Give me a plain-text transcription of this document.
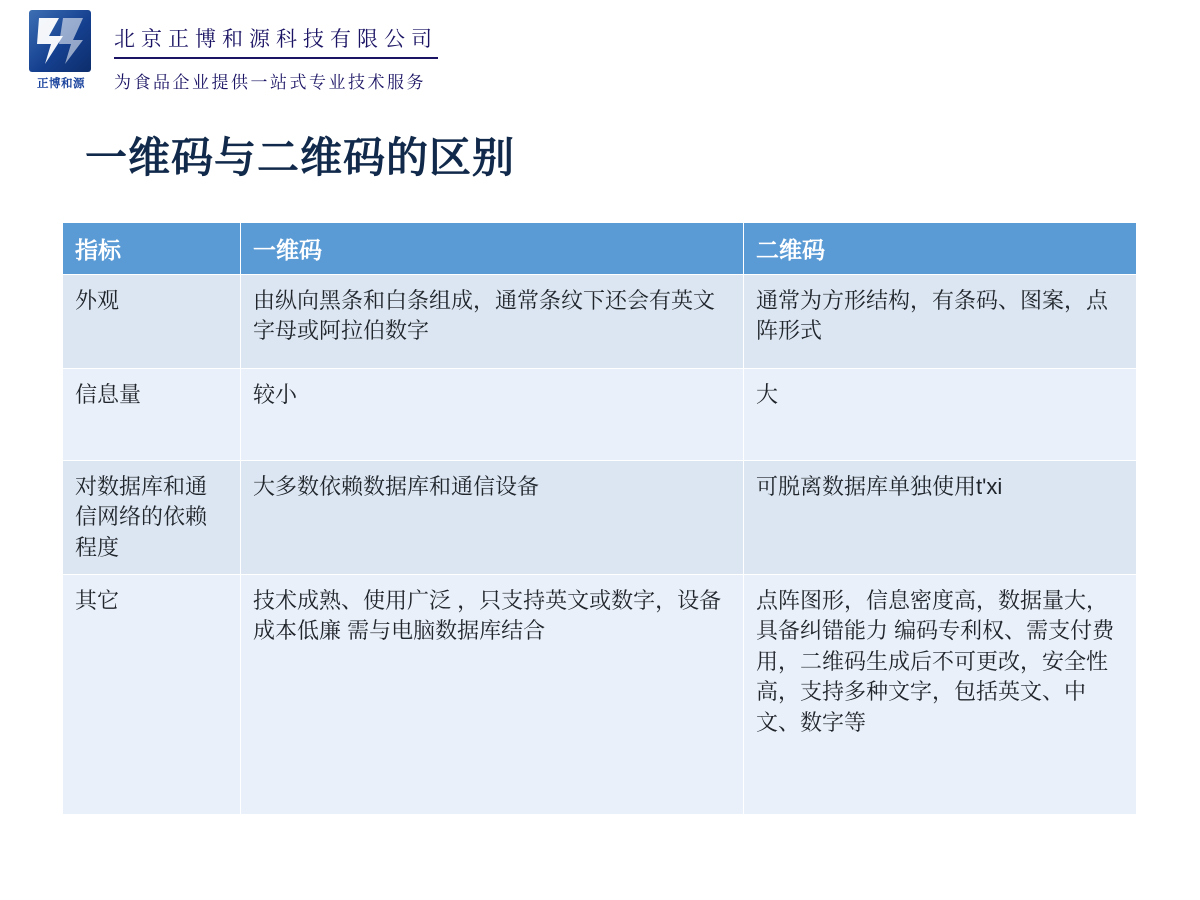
正博和源
北京正博和源科技有限公司
为食品企业提供一站式专业技术服务
一维码与二维码的区别
指标	一维码	二维码
外观	由纵向黑条和白条组成，通常条纹下还会有英文字母或阿拉伯数字	通常为方形结构，有条码、图案，点阵形式
信息量	较小	大
对数据库和通信网络的依赖程度	大多数依赖数据库和通信设备	可脱离数据库单独使用t'xi
其它	技术成熟、使用广泛 ，只支持英文或数字，设备成本低廉 需与电脑数据库结合	点阵图形，信息密度高，数据量大，具备纠错能力 编码专利权、需支付费用，二维码生成后不可更改，安全性高，支持多种文字，包括英文、中文、数字等
